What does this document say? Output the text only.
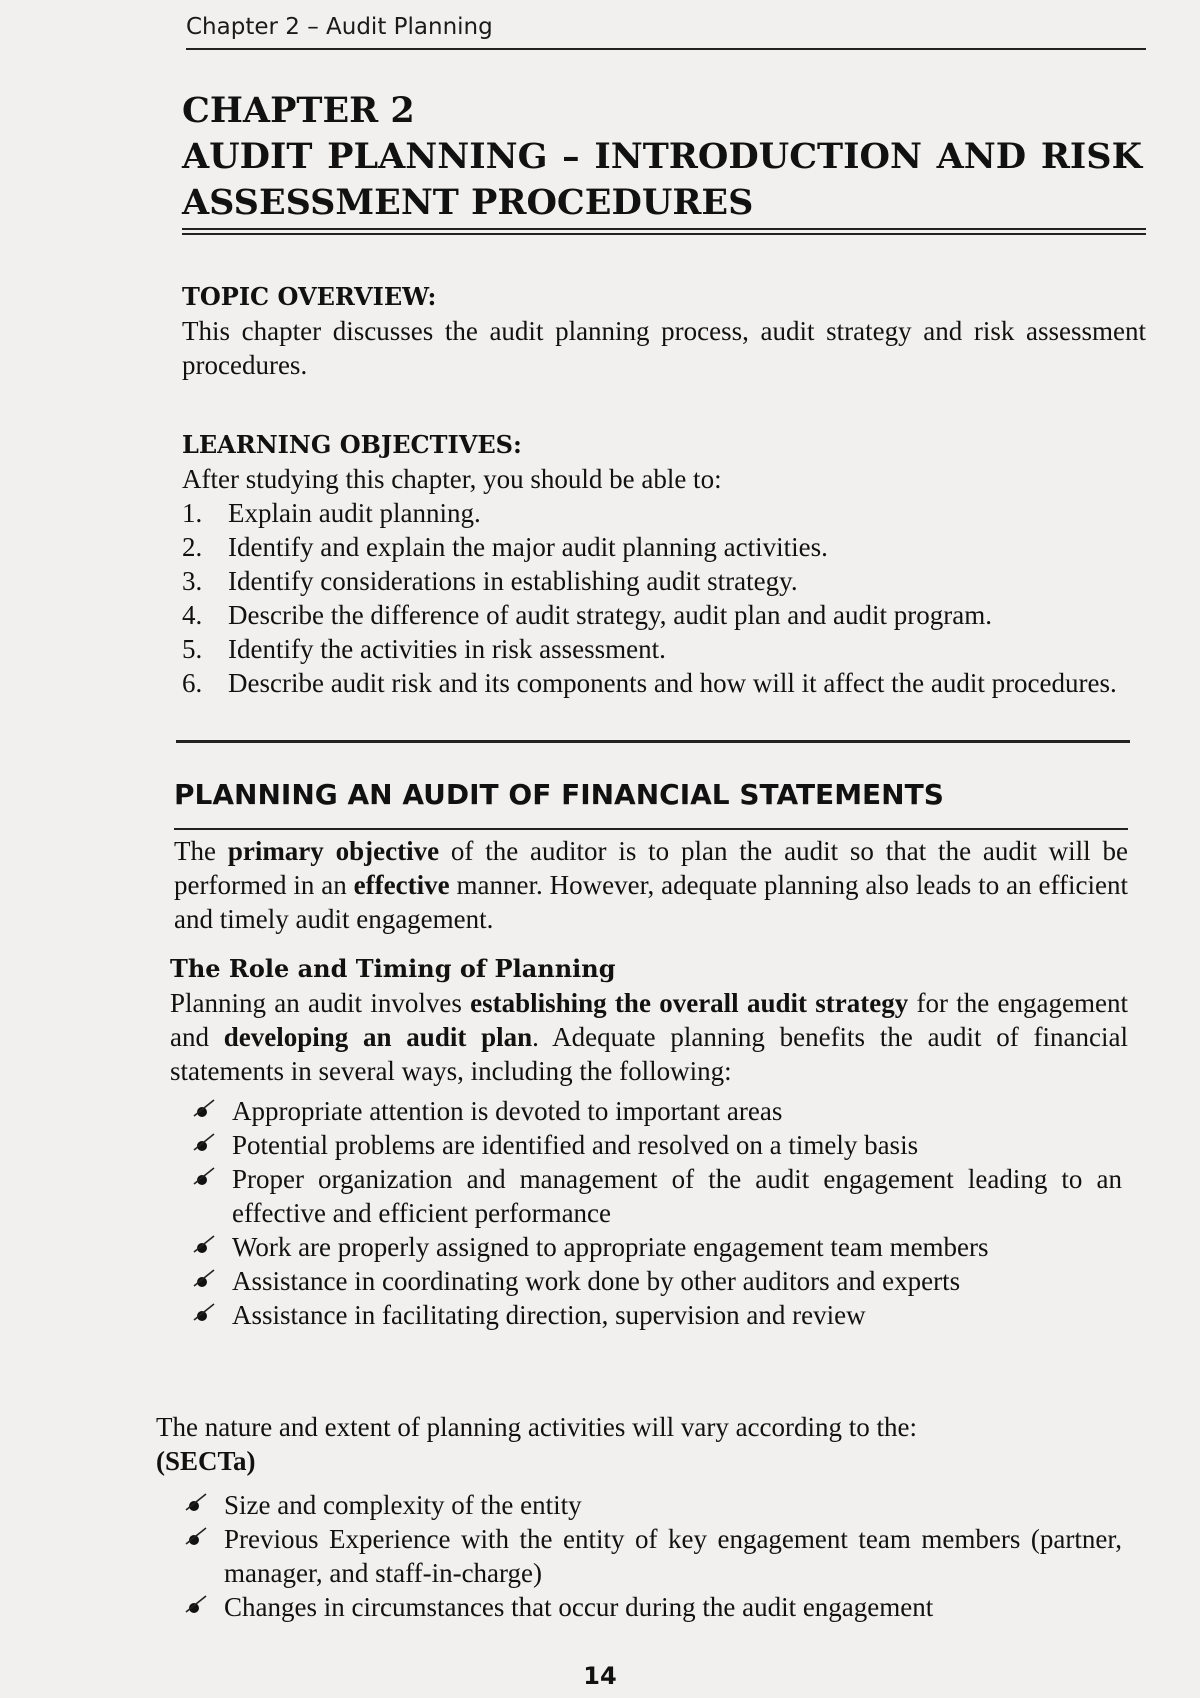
Chapter 2 – Audit Planning
CHAPTER 2
AUDIT PLANNING – INTRODUCTION AND RISK
ASSESSMENT PROCEDURES
TOPIC OVERVIEW:

This chapter discusses the audit planning process, audit strategy and risk assessment procedures.

LEARNING OBJECTIVES:

After studying this chapter, you should be able to:

1. Explain audit planning.
2. Identify and explain the major audit planning activities.
3. Identify considerations in establishing audit strategy.
4. Describe the difference of audit strategy, audit plan and audit program.
5. Identify the activities in risk assessment.
6. Describe audit risk and its components and how will it affect the audit procedures.
PLANNING AN AUDIT OF FINANCIAL STATEMENTS

The primary objective of the auditor is to plan the audit so that the audit will be performed in an effective manner. However, adequate planning also leads to an efficient and timely audit engagement.

The Role and Timing of Planning

Planning an audit involves establishing the overall audit strategy for the engagement and developing an audit plan. Adequate planning benefits the audit of financial statements in several ways, including the following:

Appropriate attention is devoted to important areas
Potential problems are identified and resolved on a timely basis
Proper organization and management of the audit engagement leading to an effective and efficient performance
Work are properly assigned to appropriate engagement team members
Assistance in coordinating work done by other auditors and experts
Assistance in facilitating direction, supervision and review

The nature and extent of planning activities will vary according to the:
(SECTa)

Size and complexity of the entity
Previous Experience with the entity of key engagement team members (partner, manager, and staff-in-charge)
Changes in circumstances that occur during the audit engagement
14
